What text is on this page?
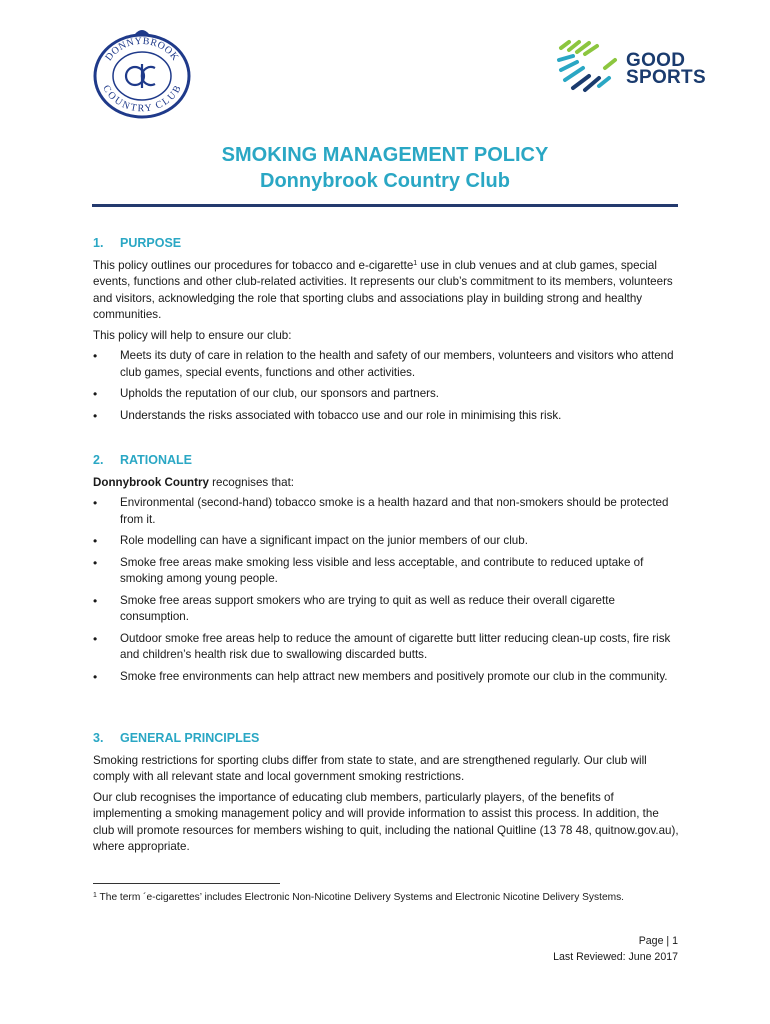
DONNYBROOK
COUNTRY CLUB
GOOD
SPORTS
SMOKING MANAGEMENT POLICY
Donnybrook Country Club
1. PURPOSE

This policy outlines our procedures for tobacco and e-cigarette$^1$ use in club venues and at club games, special events, functions and other club-related activities. It represents our club’s commitment to its members, volunteers and visitors, acknowledging the role that sporting clubs and associations play in building strong and healthy communities.

This policy will help to ensure our club:

• Meets its duty of care in relation to the health and safety of our members, volunteers and visitors who attend club games, special events, functions and other activities.
• Upholds the reputation of our club, our sponsors and partners.
• Understands the risks associated with tobacco use and our role in minimising this risk.
2. RATIONALE

Donnybrook Country recognises that:

• Environmental (second-hand) tobacco smoke is a health hazard and that non-smokers should be protected from it.
• Role modelling can have a significant impact on the junior members of our club.
• Smoke free areas make smoking less visible and less acceptable, and contribute to reduced uptake of smoking among young people.
• Smoke free areas support smokers who are trying to quit as well as reduce their overall cigarette consumption.
• Outdoor smoke free areas help to reduce the amount of cigarette butt litter reducing clean-up costs, fire risk and children’s health risk due to swallowing discarded butts.
• Smoke free environments can help attract new members and positively promote our club in the community.
3. GENERAL PRINCIPLES

Smoking restrictions for sporting clubs differ from state to state, and are strengthened regularly. Our club will comply with all relevant state and local government smoking restrictions.

Our club recognises the importance of educating club members, particularly players, of the benefits of implementing a smoking management policy and will provide information to assist this process. In addition, the club will promote resources for members wishing to quit, including the national Quitline (13 78 48, quitnow.gov.au), where appropriate.

$^1$ The term ´e-cigarettes’ includes Electronic Non-Nicotine Delivery Systems and Electronic Nicotine Delivery Systems.
Page | 1
Last Reviewed: June 2017
